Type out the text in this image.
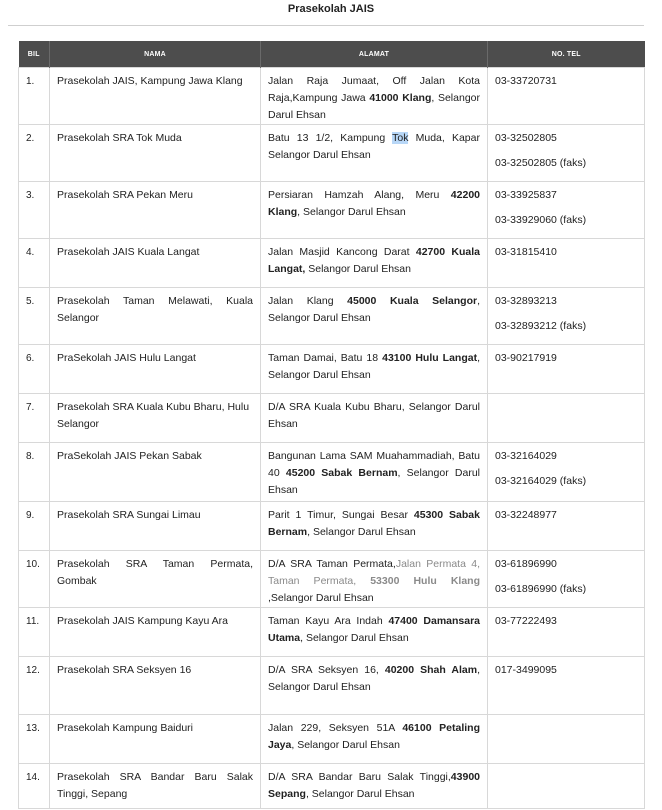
Prasekolah JAIS
BIL	NAMA	ALAMAT	NO. TEL
1.	Prasekolah JAIS, Kampung Jawa Klang	Jalan Raja Jumaat, Off Jalan Kota Raja,Kampung Jawa 41000 Klang, Selangor Darul Ehsan	03-33720731

2.	Prasekolah SRA Tok Muda	Batu 13 1/2, Kampung Tok Muda, Kapar Selangor Darul Ehsan	03-32502805
03-32502805 (faks)

3.	Prasekolah SRA Pekan Meru	Persiaran Hamzah Alang, Meru 42200 Klang, Selangor Darul Ehsan	03-33925837
03-33929060 (faks)

4.	Prasekolah JAIS Kuala Langat	Jalan Masjid Kancong Darat 42700 Kuala Langat, Selangor Darul Ehsan	03-31815410

5.	Prasekolah Taman Melawati, Kuala Selangor	Jalan Klang 45000 Kuala Selangor, Selangor Darul Ehsan	03-32893213
03-32893212 (faks)

6.	PraSekolah JAIS Hulu Langat	Taman Damai, Batu 18 43100 Hulu Langat, Selangor Darul Ehsan	03-90217919

7.	Prasekolah SRA Kuala Kubu Bharu, Hulu Selangor	D/A SRA Kuala Kubu Bharu, Selangor Darul Ehsan	
8.	PraSekolah JAIS Pekan Sabak	Bangunan Lama SAM Muahammadiah, Batu 40 45200 Sabak Bernam, Selangor Darul Ehsan	03-32164029
03-32164029 (faks)

9.	Prasekolah SRA Sungai Limau	Parit 1 Timur, Sungai Besar 45300 Sabak Bernam, Selangor Darul Ehsan	03-32248977

10.	Prasekolah SRA Taman Permata, Gombak	D/A SRA Taman Permata,Jalan Permata 4, Taman Permata, 53300 Hulu Klang ,Selangor Darul Ehsan	03-61896990
03-61896990 (faks)

11.	Prasekolah JAIS Kampung Kayu Ara	Taman Kayu Ara Indah 47400 Damansara Utama, Selangor Darul Ehsan	03-77222493

12.	Prasekolah SRA Seksyen 16	D/A SRA Seksyen 16, 40200 Shah Alam, Selangor Darul Ehsan	017-3499095

13.	Prasekolah Kampung Baiduri	Jalan 229, Seksyen 51A 46100 Petaling Jaya, Selangor Darul Ehsan	
14.	Prasekolah SRA Bandar Baru Salak Tinggi, Sepang	D/A SRA Bandar Baru Salak Tinggi,43900 Sepang, Selangor Darul Ehsan	
